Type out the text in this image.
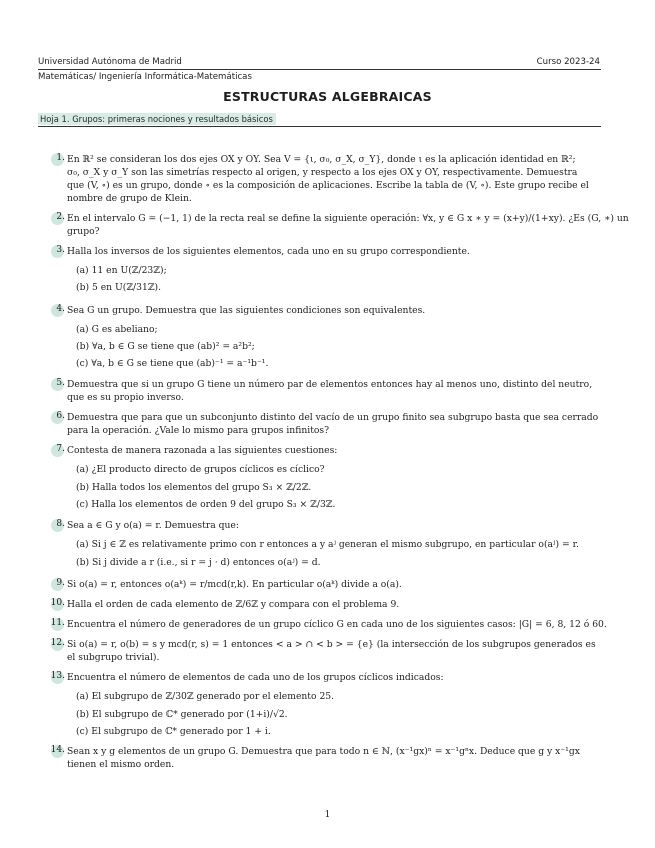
Universidad Autónoma de Madrid	Curso 2023-24
Matemáticas/ Ingeniería Informática-Matemáticas
ESTRUCTURAS ALGEBRAICAS
Hoja 1. Grupos: primeras nociones y resultados básicos
1. En ℝ² se consideran los dos ejes OX y OY. Sea V = {ι, σ₀, σ_X, σ_Y}, donde ι es la aplicación identidad en ℝ²;
σ₀, σ_X y σ_Y son las simetrías respecto al origen, y respecto a los ejes OX y OY, respectivamente. Demuestra
que (V, ∘) es un grupo, donde ∘ es la composición de aplicaciones. Escribe la tabla de (V, ∘). Este grupo recibe el
nombre de grupo de Klein.
2. En el intervalo G = (−1, 1) de la recta real se define la siguiente operación: ∀x, y ∈ G x ∗ y = (x+y)/(1+xy). ¿Es (G, ∗) un
grupo?
3. Halla los inversos de los siguientes elementos, cada uno en su grupo correspondiente.
(a) 11 en U(ℤ/23ℤ);
(b) 5 en U(ℤ/31ℤ).
4. Sea G un grupo. Demuestra que las siguientes condiciones son equivalentes.
(a) G es abeliano;
(b) ∀a, b ∈ G se tiene que (ab)² = a²b²;
(c) ∀a, b ∈ G se tiene que (ab)⁻¹ = a⁻¹b⁻¹.
5. Demuestra que si un grupo G tiene un número par de elementos entonces hay al menos uno, distinto del neutro,
que es su propio inverso.
6. Demuestra que para que un subconjunto distinto del vacío de un grupo finito sea subgrupo basta que sea cerrado
para la operación. ¿Vale lo mismo para grupos infinitos?
7. Contesta de manera razonada a las siguientes cuestiones:
(a) ¿El producto directo de grupos cíclicos es cíclico?
(b) Halla todos los elementos del grupo S₃ × ℤ/2ℤ.
(c) Halla los elementos de orden 9 del grupo S₃ × ℤ/3ℤ.
8. Sea a ∈ G y o(a) = r. Demuestra que:
(a) Si j ∈ ℤ es relativamente primo con r entonces a y aʲ generan el mismo subgrupo, en particular o(aʲ) = r.
(b) Si j divide a r (i.e., si r = j · d) entonces o(aʲ) = d.
9. Si o(a) = r, entonces o(aᵏ) = r/mcd(r,k). En particular o(aᵏ) divide a o(a).
10. Halla el orden de cada elemento de ℤ/6ℤ y compara con el problema 9.
11. Encuentra el número de generadores de un grupo cíclico G en cada uno de los siguientes casos: |G| = 6, 8, 12 ó 60.
12. Si o(a) = r, o(b) = s y mcd(r, s) = 1 entonces < a > ∩ < b > = {e} (la intersección de los subgrupos generados es
el subgrupo trivial).
13. Encuentra el número de elementos de cada uno de los grupos cíclicos indicados:
(a) El subgrupo de ℤ/30ℤ generado por el elemento 25.
(b) El subgrupo de ℂ* generado por (1+i)/√2.
(c) El subgrupo de ℂ* generado por 1 + i.
14. Sean x y g elementos de un grupo G. Demuestra que para todo n ∈ ℕ, (x⁻¹gx)ⁿ = x⁻¹gⁿx. Deduce que g y x⁻¹gx
tienen el mismo orden.
1
